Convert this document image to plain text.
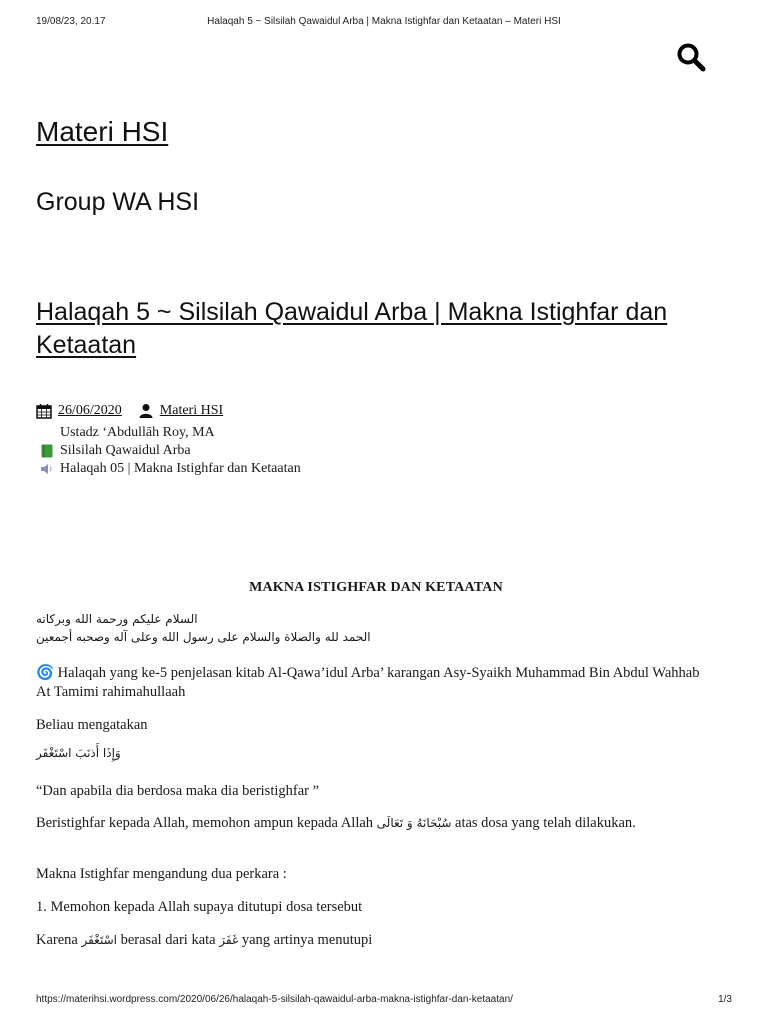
19/08/23, 20.17	Halaqah 5 ~ Silsilah Qawaidul Arba | Makna Istighfar dan Ketaatan – Materi HSI
Materi HSI
Group WA HSI
Halaqah 5 ~ Silsilah Qawaidul Arba | Makna Istighfar dan Ketaatan
26/06/2020	Materi HSI
Ustadz ‘Abdullāh Roy, MA
Silsilah Qawaidul Arba
Halaqah 05 | Makna Istighfar dan Ketaatan
MAKNA ISTIGHFAR DAN KETAATAN
السلام عليكم ورحمة الله وبركاته
الحمد لله والصلاة والسلام على رسول الله وعلى آله وصحبه أجمعين
🌀 Halaqah yang ke-5 penjelasan kitab Al-Qawa’idul Arba’ karangan Asy-Syaikh Muhammad Bin Abdul Wahhab At Tamimi rahimahullaah
Beliau mengatakan
وَإِذَا أَذنَبَ اسْتَغْفَر
“Dan apabila dia berdosa maka dia beristighfar ”
Beristighfar kepada Allah, memohon ampun kepada Allah سُبْحَانَهُ وَ تَعَالَى atas dosa yang telah dilakukan.
Makna Istighfar mengandung dua perkara :
1. Memohon kepada Allah supaya ditutupi dosa tersebut
Karena اسْتَغْفَر berasal dari kata غَفَرَ yang artinya menutupi
https://materihsi.wordpress.com/2020/06/26/halaqah-5-silsilah-qawaidul-arba-makna-istighfar-dan-ketaatan/	1/3
